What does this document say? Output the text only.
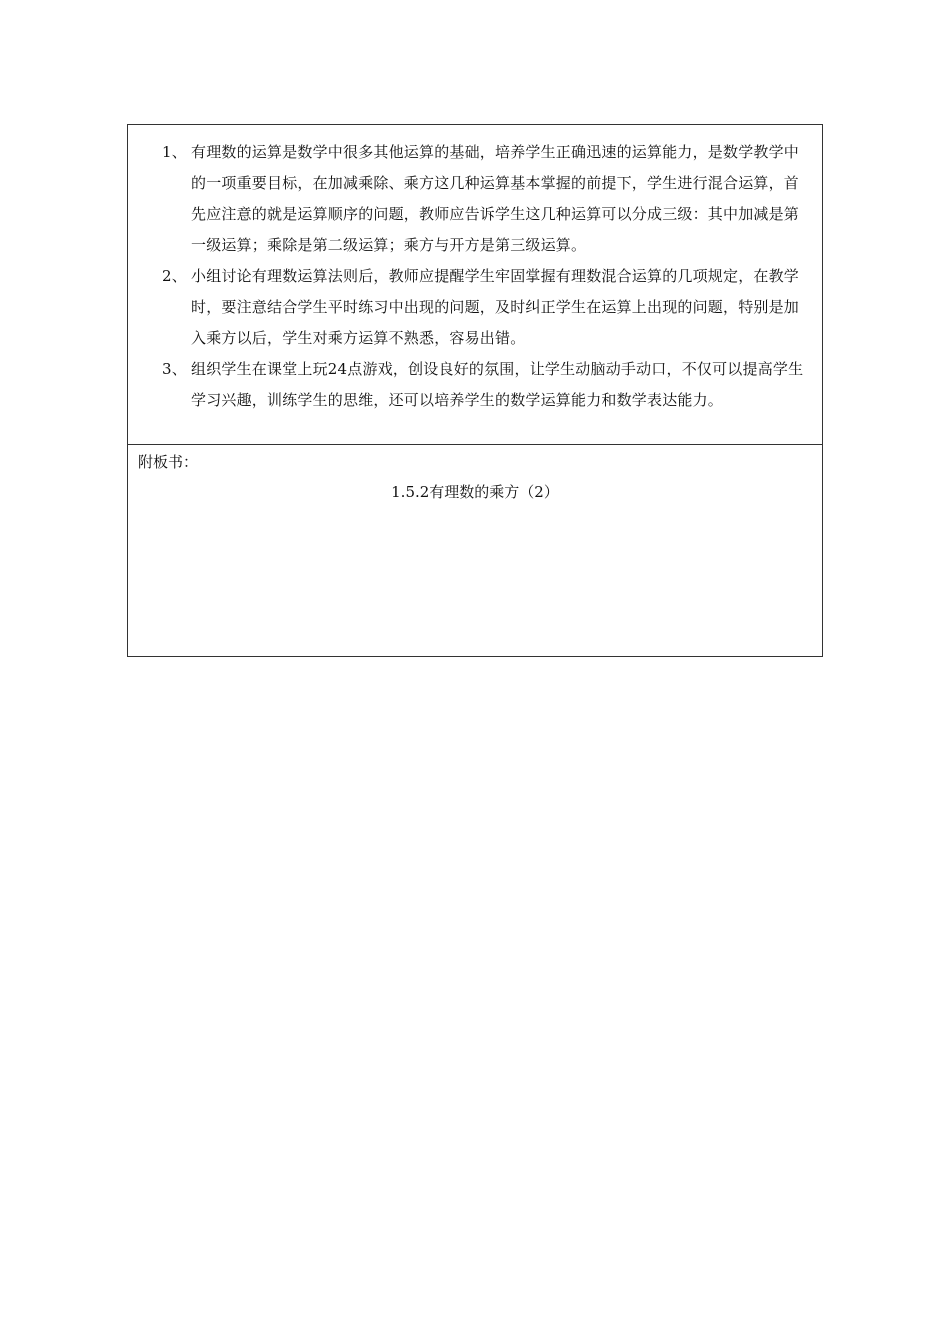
1、 有理数的运算是数学中很多其他运算的基础，培养学生正确迅速的运算能力，是数学教学中的一项重要目标，在加减乘除、乘方这几种运算基本掌握的前提下，学生进行混合运算，首先应注意的就是运算顺序的问题，教师应告诉学生这几种运算可以分成三级：其中加减是第一级运算；乘除是第二级运算；乘方与开方是第三级运算。
2、 小组讨论有理数运算法则后，教师应提醒学生牢固掌握有理数混合运算的几项规定，在教学时，要注意结合学生平时练习中出现的问题，及时纠正学生在运算上出现的问题，特别是加入乘方以后，学生对乘方运算不熟悉，容易出错。
3、 组织学生在课堂上玩24点游戏，创设良好的氛围，让学生动脑动手动口，不仅可以提高学生学习兴趣，训练学生的思维，还可以培养学生的数学运算能力和数学表达能力。
附板书：
1.5.2有理数的乘方（2）
